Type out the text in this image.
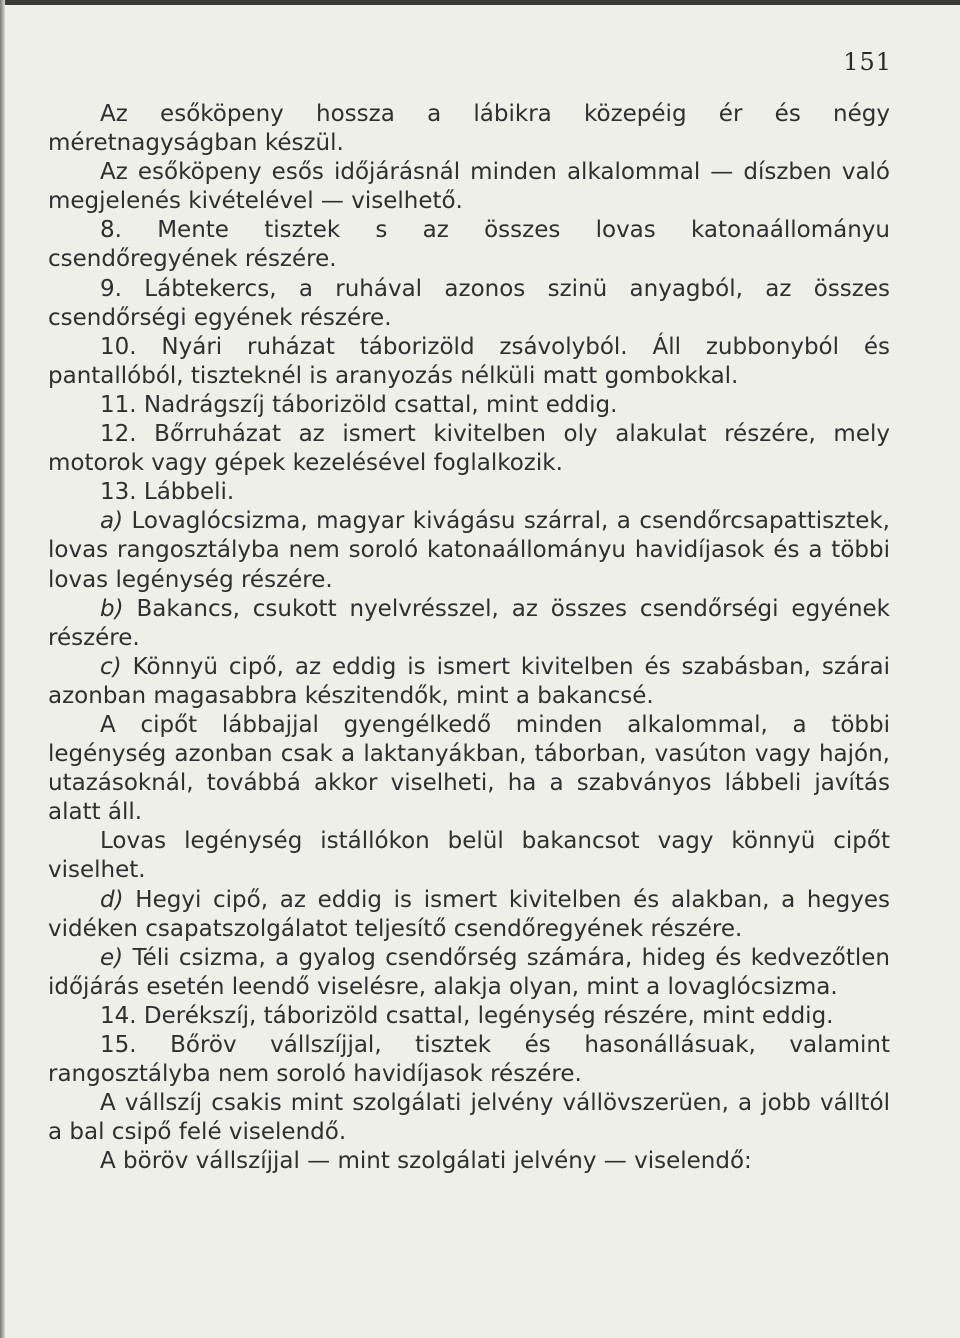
151

Az esőköpeny hossza a lábikra közepéig ér és négy méretnagyságban készül.

Az esőköpeny esős időjárásnál minden alkalommal — díszben való megjelenés kivételével — viselhető.

8. Mente tisztek s az összes lovas katonaállományu csendőregyének részére.

9. Lábtekercs, a ruhával azonos szinü anyagból, az összes csendőrségi egyének részére.

10. Nyári ruházat táborizöld zsávolyból. Áll zubbonyból és pantallóból, tiszteknél is aranyozás nélküli matt gombokkal.

11. Nadrágszíj táborizöld csattal, mint eddig.

12. Bőrruházat az ismert kivitelben oly alakulat részére, mely motorok vagy gépek kezelésével foglalkozik.

13. Lábbeli.

a) Lovaglócsizma, magyar kivágásu szárral, a csendőrcsapattisztek, lovas rangosztályba nem soroló katonaállományu havidíjasok és a többi lovas legénység részére.

b) Bakancs, csukott nyelvrésszel, az összes csendőrségi egyének részére.

c) Könnyü cipő, az eddig is ismert kivitelben és szabásban, szárai azonban magasabbra készitendők, mint a bakancsé.

A cipőt lábbajjal gyengélkedő minden alkalommal, a többi legénység azonban csak a laktanyákban, táborban, vasúton vagy hajón, utazásoknál, továbbá akkor viselheti, ha a szabványos lábbeli javítás alatt áll.

Lovas legénység istállókon belül bakancsot vagy könnyü cipőt viselhet.

d) Hegyi cipő, az eddig is ismert kivitelben és alakban, a hegyes vidéken csapatszolgálatot teljesítő csendőregyének részére.

e) Téli csizma, a gyalog csendőrség számára, hideg és kedvezőtlen időjárás esetén leendő viselésre, alakja olyan, mint a lovaglócsizma.

14. Derékszíj, táborizöld csattal, legénység részére, mint eddig.

15. Bőröv vállszíjjal, tisztek és hasonállásuak, valamint rangosztályba nem soroló havidíjasok részére.

A vállszíj csakis mint szolgálati jelvény vállövszerüen, a jobb válltól a bal csipő felé viselendő.

A böröv vállszíjjal — mint szolgálati jelvény — viselendő:
